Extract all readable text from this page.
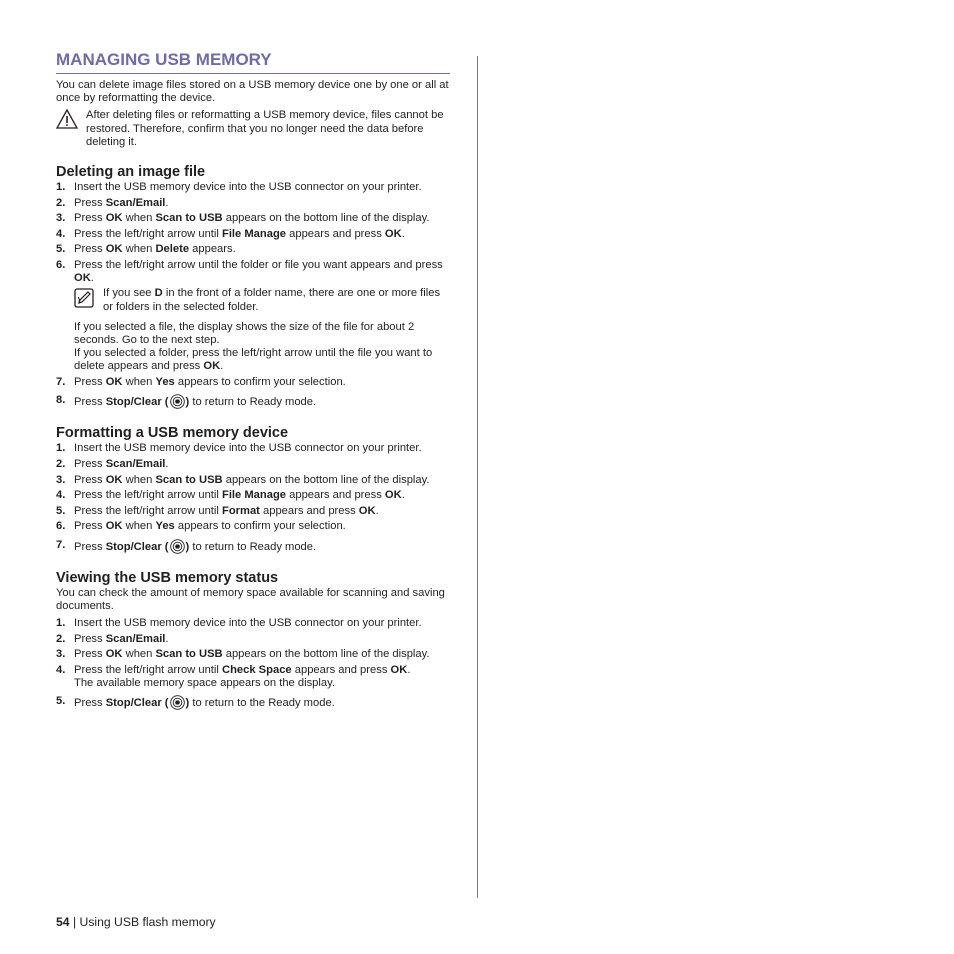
MANAGING USB MEMORY

You can delete image files stored on a USB memory device one by one or all at once by reformatting the device.

After deleting files or reformatting a USB memory device, files cannot be restored. Therefore, confirm that you no longer need the data before deleting it.
Deleting an image file
1. Insert the USB memory device into the USB connector on your printer.
2. Press Scan/Email.
3. Press OK when Scan to USB appears on the bottom line of the display.
4. Press the left/right arrow until File Manage appears and press OK.
5. Press OK when Delete appears.
6. Press the left/right arrow until the folder or file you want appears and press OK.
If you see D in the front of a folder name, there are one or more files or folders in the selected folder.

If you selected a file, the display shows the size of the file for about 2 seconds. Go to the next step.

If you selected a folder, press the left/right arrow until the file you want to delete appears and press OK.

7. Press OK when Yes appears to confirm your selection.
8. Press Stop/Clear ( ) to return to Ready mode.
Formatting a USB memory device
1. Insert the USB memory device into the USB connector on your printer.
2. Press Scan/Email.
3. Press OK when Scan to USB appears on the bottom line of the display.
4. Press the left/right arrow until File Manage appears and press OK.
5. Press the left/right arrow until Format appears and press OK.
6. Press OK when Yes appears to confirm your selection.
7. Press Stop/Clear ( ) to return to Ready mode.
Viewing the USB memory status

You can check the amount of memory space available for scanning and saving documents.

1. Insert the USB memory device into the USB connector on your printer.
2. Press Scan/Email.
3. Press OK when Scan to USB appears on the bottom line of the display.
4. Press the left/right arrow until Check Space appears and press OK.
The available memory space appears on the display.
5. Press Stop/Clear ( ) to return to the Ready mode.
54 | Using USB flash memory
